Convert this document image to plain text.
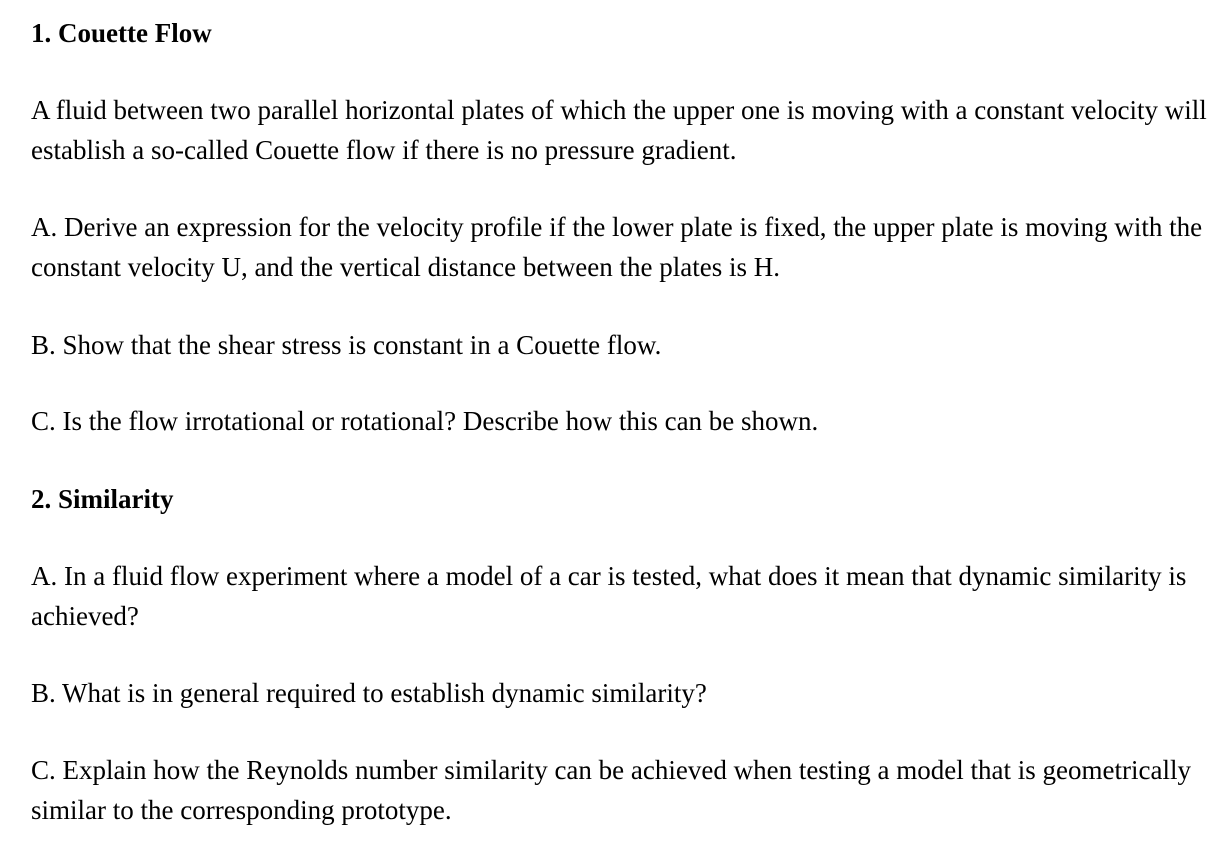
1. Couette Flow

A fluid between two parallel horizontal plates of which the upper one is moving with a constant velocity will establish a so-called Couette flow if there is no pressure gradient.

A. Derive an expression for the velocity profile if the lower plate is fixed, the upper plate is moving with the constant velocity U, and the vertical distance between the plates is H.

B. Show that the shear stress is constant in a Couette flow.

C. Is the flow irrotational or rotational? Describe how this can be shown.

2. Similarity

A. In a fluid flow experiment where a model of a car is tested, what does it mean that dynamic similarity is achieved?

B. What is in general required to establish dynamic similarity?

C. Explain how the Reynolds number similarity can be achieved when testing a model that is geometrically similar to the corresponding prototype.
